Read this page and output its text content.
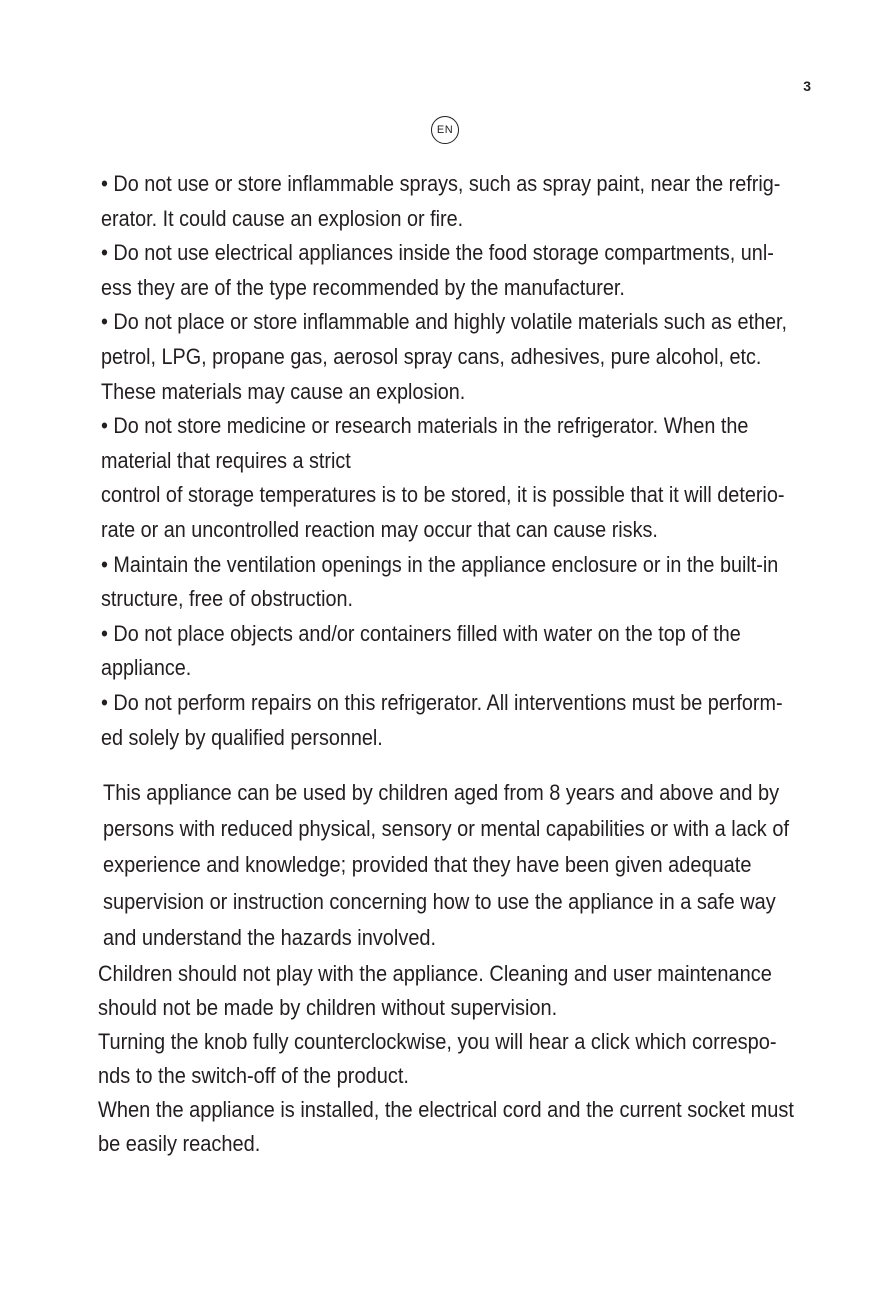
3
EN
• Do not use or store inflammable sprays, such as spray paint, near the refrig-
erator. It could cause an explosion or fire.
• Do not use electrical appliances inside the food storage compartments, unl-
ess they are of the type recommended by the manufacturer.
• Do not place or store inflammable and highly volatile materials such as ether,
petrol, LPG, propane gas, aerosol spray cans, adhesives, pure alcohol, etc.
These materials may cause an explosion.
• Do not store medicine or research materials in the refrigerator. When the
material that requires a strict
control of storage temperatures is to be stored, it is possible that it will deterio-
rate or an uncontrolled reaction may occur that can cause risks.
• Maintain the ventilation openings in the appliance enclosure or in the built-in
structure, free of obstruction.
• Do not place objects and/or containers filled with water on the top of the
appliance.
• Do not perform repairs on this refrigerator. All interventions must be perform-
ed solely by qualified personnel.
This appliance can be used by children aged from 8 years and above and by
persons with reduced physical, sensory or mental capabilities or with a lack of
experience and knowledge; provided that they have been given adequate
supervision or instruction concerning how to use the appliance in a safe way
and understand the hazards involved.
Children should not play with the appliance. Cleaning and user maintenance
should not be made by children without supervision.
Turning the knob fully counterclockwise, you will hear a click which correspo-
nds to the switch-off of the product.
When the appliance is installed, the electrical cord and the current socket must
be easily reached.
